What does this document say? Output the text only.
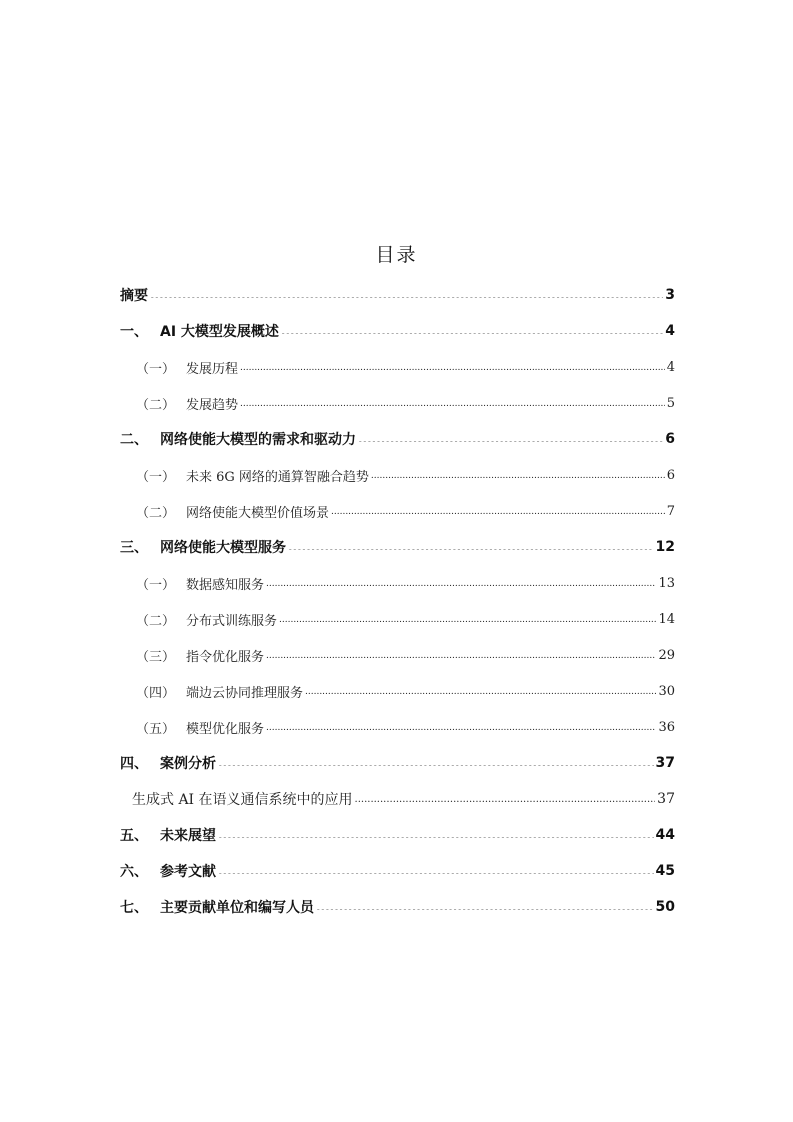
目录
摘要 .....	3
一、 AI 大模型发展概述 .....	4
（一） 发展历程 .....	4
（二） 发展趋势 .....	5
二、 网络使能大模型的需求和驱动力 .....	6
（一） 未来 6G 网络的通算智融合趋势 .....	6
（二） 网络使能大模型价值场景 .....	7
三、 网络使能大模型服务 .....	12
（一） 数据感知服务 .....	13
（二） 分布式训练服务 .....	14
（三） 指令优化服务 .....	29
（四） 端边云协同推理服务 .....	30
（五） 模型优化服务 .....	36
四、 案例分析 .....	37
生成式 AI 在语义通信系统中的应用 .....	37
五、 未来展望 .....	44
六、 参考文献 .....	45
七、 主要贡献单位和编写人员 .....	50
